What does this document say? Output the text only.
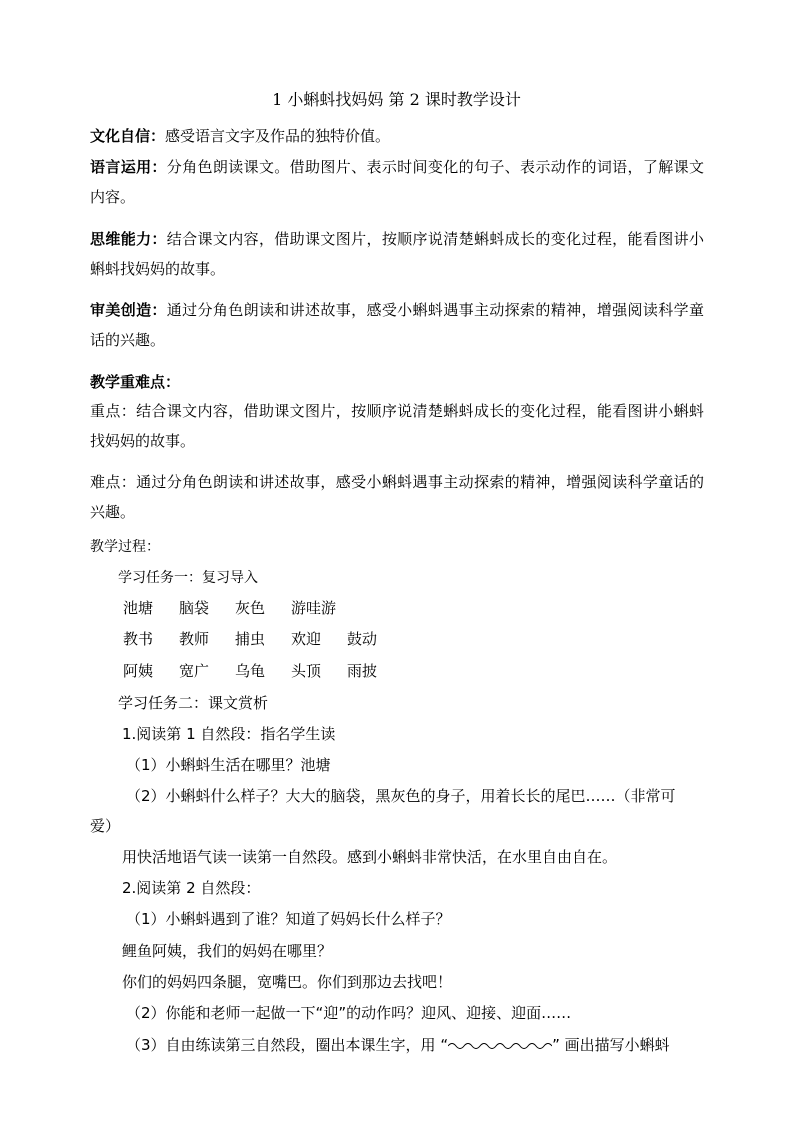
1 小蝌蚪找妈妈 第 2 课时教学设计
文化自信：感受语言文字及作品的独特价值。
语言运用：分角色朗读课文。借助图片、表示时间变化的句子、表示动作的词语，了解课文内容。
思维能力：结合课文内容，借助课文图片，按顺序说清楚蝌蚪成长的变化过程，能看图讲小蝌蚪找妈妈的故事。
审美创造：通过分角色朗读和讲述故事，感受小蝌蚪遇事主动探索的精神，增强阅读科学童话的兴趣。
教学重难点：
重点：结合课文内容，借助课文图片，按顺序说清楚蝌蚪成长的变化过程，能看图讲小蝌蚪找妈妈的故事。
难点：通过分角色朗读和讲述故事，感受小蝌蚪遇事主动探索的精神，增强阅读科学童话的兴趣。
教学过程：
学习任务一：复习导入
池塘 脑袋 灰色 游哇游
教书 教师 捕虫 欢迎 鼓动
阿姨 宽广 乌龟 头顶 雨披
学习任务二：课文赏析
1.阅读第 1 自然段：指名学生读
（1）小蝌蚪生活在哪里？池塘
（2）小蝌蚪什么样子？大大的脑袋，黑灰色的身子，用着长长的尾巴……（非常可
爱）
用快活地语气读一读第一自然段。感到小蝌蚪非常快活，在水里自由自在。
2.阅读第 2 自然段：
（1）小蝌蚪遇到了谁？知道了妈妈长什么样子？
鲤鱼阿姨，我们的妈妈在哪里？
你们的妈妈四条腿，宽嘴巴。你们到那边去找吧！
（2）你能和老师一起做一下“迎”的动作吗？迎风、迎接、迎面……
（3）自由练读第三自然段，圈出本课生字，用 “	” 画出描写小蝌蚪
